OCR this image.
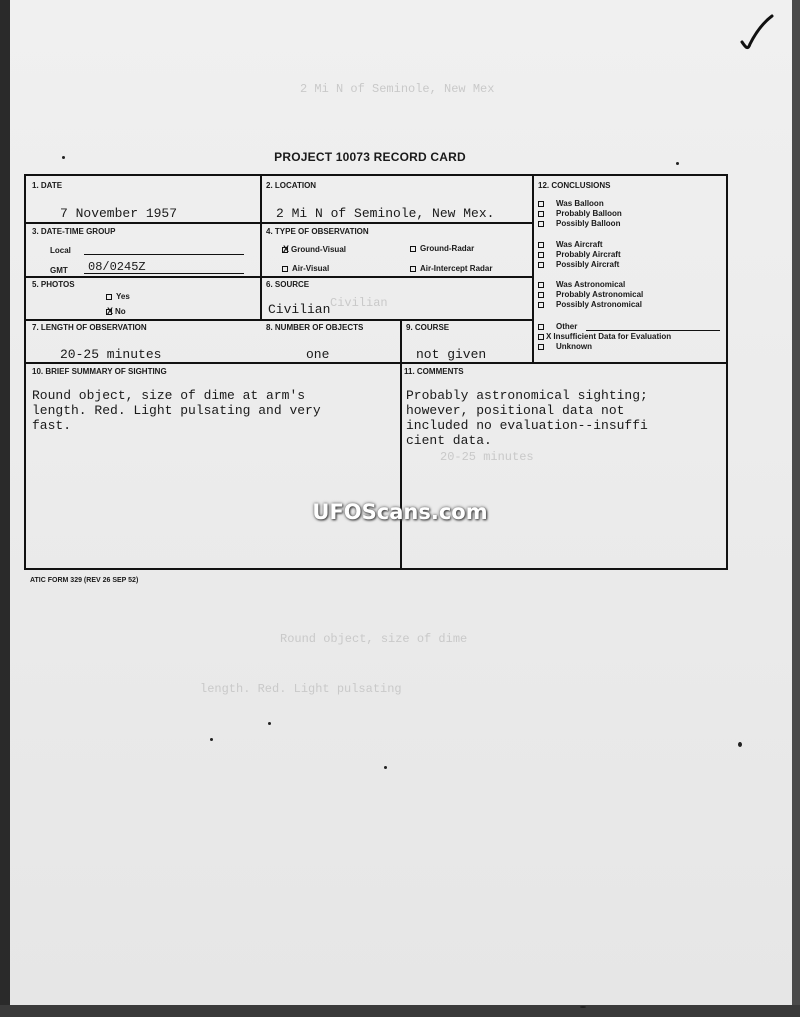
2 Mi N of Seminole, New Mex
Civilian
20-25 minutes
Round object, size of dime
length. Red. Light pulsating
PROJECT 10073 RECORD CARD
1. DATE
7 November 1957
2. LOCATION
2 Mi N of Seminole, New Mex.
3. DATE-TIME GROUP
Local
GMT 08/0245Z
4. TYPE OF OBSERVATION
X Ground-Visual	Ground-Radar
Air-Visual	Air-Intercept Radar
5. PHOTOS
Yes
X No
6. SOURCE
Civilian
7. LENGTH OF OBSERVATION
20-25 minutes
8. NUMBER OF OBJECTS
one
9. COURSE
not given
10. BRIEF SUMMARY OF SIGHTING
Round object, size of dime at arm's
length. Red. Light pulsating and very
fast.
11. COMMENTS
Probably astronomical sighting;
however, positional data not
included no evaluation--insuffi
cient data.
12. CONCLUSIONS
Was Balloon
Probably Balloon
Possibly Balloon
Was Aircraft
Probably Aircraft
Possibly Aircraft
Was Astronomical
Probably Astronomical
Possibly Astronomical
Other
X Insufficient Data for Evaluation
Unknown
ATIC FORM 329 (REV 26 SEP 52)
UFOScans.com
